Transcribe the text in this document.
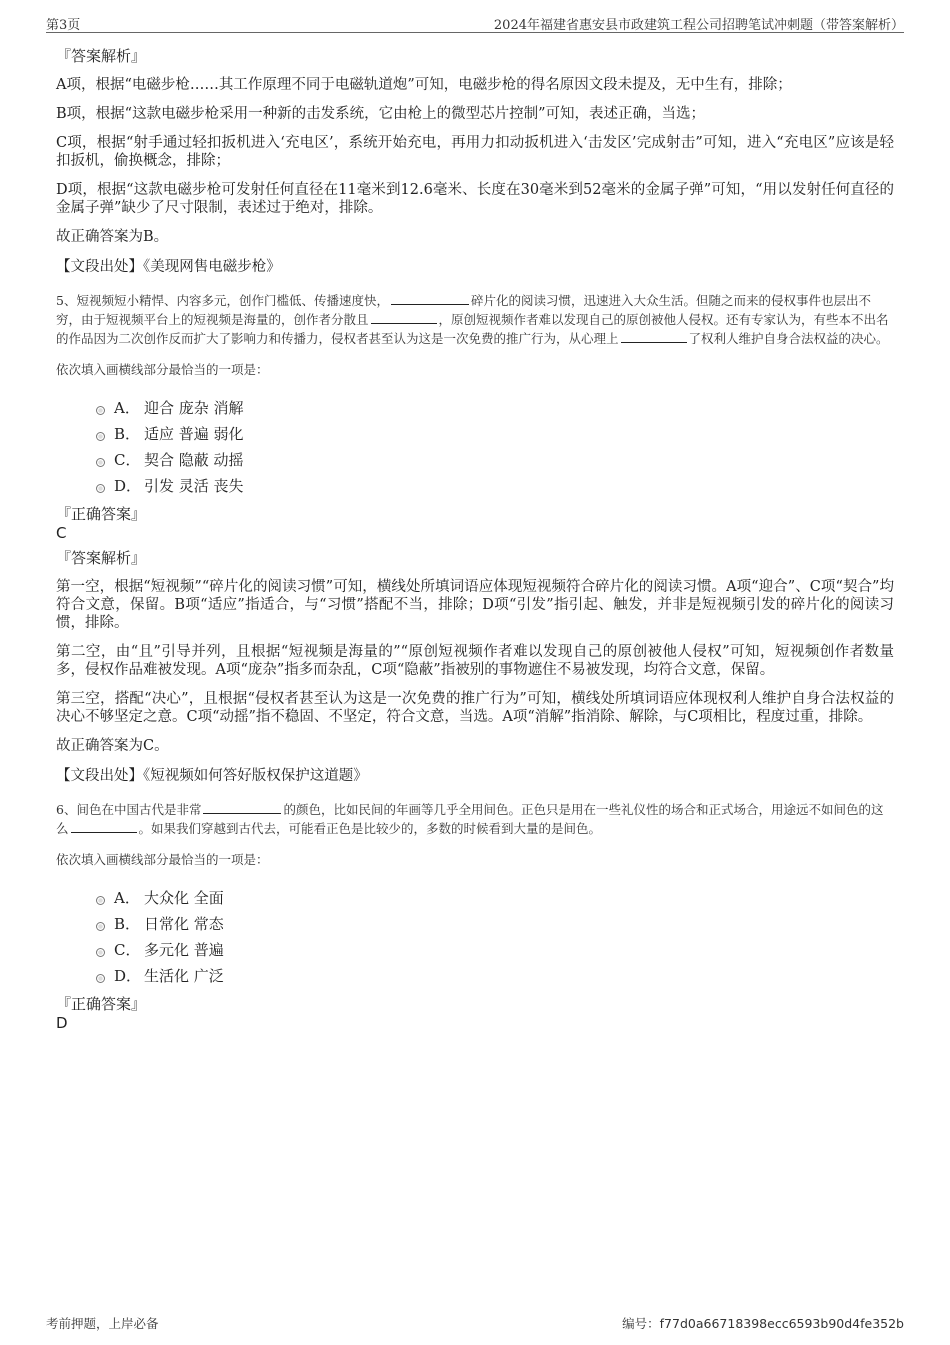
第3页	2024年福建省惠安县市政建筑工程公司招聘笔试冲刺题（带答案解析）
『答案解析』
A项，根据“电磁步枪……其工作原理不同于电磁轨道炮”可知，电磁步枪的得名原因文段未提及，无中生有，排除；
B项，根据“这款电磁步枪采用一种新的击发系统，它由枪上的微型芯片控制”可知，表述正确，当选；
C项，根据“射手通过轻扣扳机进入‘充电区’，系统开始充电，再用力扣动扳机进入‘击发区’完成射击”可知，进入“充电区”应该是轻扣扳机，偷换概念，排除；
D项，根据“这款电磁步枪可发射任何直径在11毫米到12.6毫米、长度在30毫米到52毫米的金属子弹”可知，“用以发射任何直径的金属子弹”缺少了尺寸限制，表述过于绝对，排除。
故正确答案为B。
【文段出处】《美现网售电磁步枪》
5、短视频短小精悍、内容多元，创作门槛低、传播速度快，	碎片化的阅读习惯，迅速进入大众生活。但随之而来的侵权事件也层出不穷，由于短视频平台上的短视频是海量的，创作者分散且	，原创短视频作者难以发现自己的原创被他人侵权。还有专家认为，有些本不出名的作品因为二次创作反而扩大了影响力和传播力，侵权者甚至认为这是一次免费的推广行为，从心理上	了权利人维护自身合法权益的决心。
依次填入画横线部分最恰当的一项是：
A． 迎合 庞杂 消解
B． 适应 普遍 弱化
C． 契合 隐蔽 动摇
D． 引发 灵活 丧失
『正确答案』
C
『答案解析』
第一空，根据“短视频”“碎片化的阅读习惯”可知，横线处所填词语应体现短视频符合碎片化的阅读习惯。A项“迎合”、C项“契合”均符合文意，保留。B项“适应”指适合，与“习惯”搭配不当，排除；D项“引发”指引起、触发，并非是短视频引发的碎片化的阅读习惯，排除。
第二空，由“且”引导并列，且根据“短视频是海量的”“原创短视频作者难以发现自己的原创被他人侵权”可知，短视频创作者数量多，侵权作品难被发现。A项“庞杂”指多而杂乱，C项“隐蔽”指被别的事物遮住不易被发现，均符合文意，保留。
第三空，搭配“决心”，且根据“侵权者甚至认为这是一次免费的推广行为”可知，横线处所填词语应体现权利人维护自身合法权益的决心不够坚定之意。C项“动摇”指不稳固、不坚定，符合文意，当选。A项“消解”指消除、解除，与C项相比，程度过重，排除。
故正确答案为C。
【文段出处】《短视频如何答好版权保护这道题》
6、间色在中国古代是非常	的颜色，比如民间的年画等几乎全用间色。正色只是用在一些礼仪性的场合和正式场合，用途远不如间色的这么	。如果我们穿越到古代去，可能看正色是比较少的，多数的时候看到大量的是间色。
依次填入画横线部分最恰当的一项是：
A． 大众化 全面
B． 日常化 常态
C． 多元化 普遍
D． 生活化 广泛
『正确答案』
D
考前押题，上岸必备	编号：f77d0a66718398ecc6593b90d4fe352b
